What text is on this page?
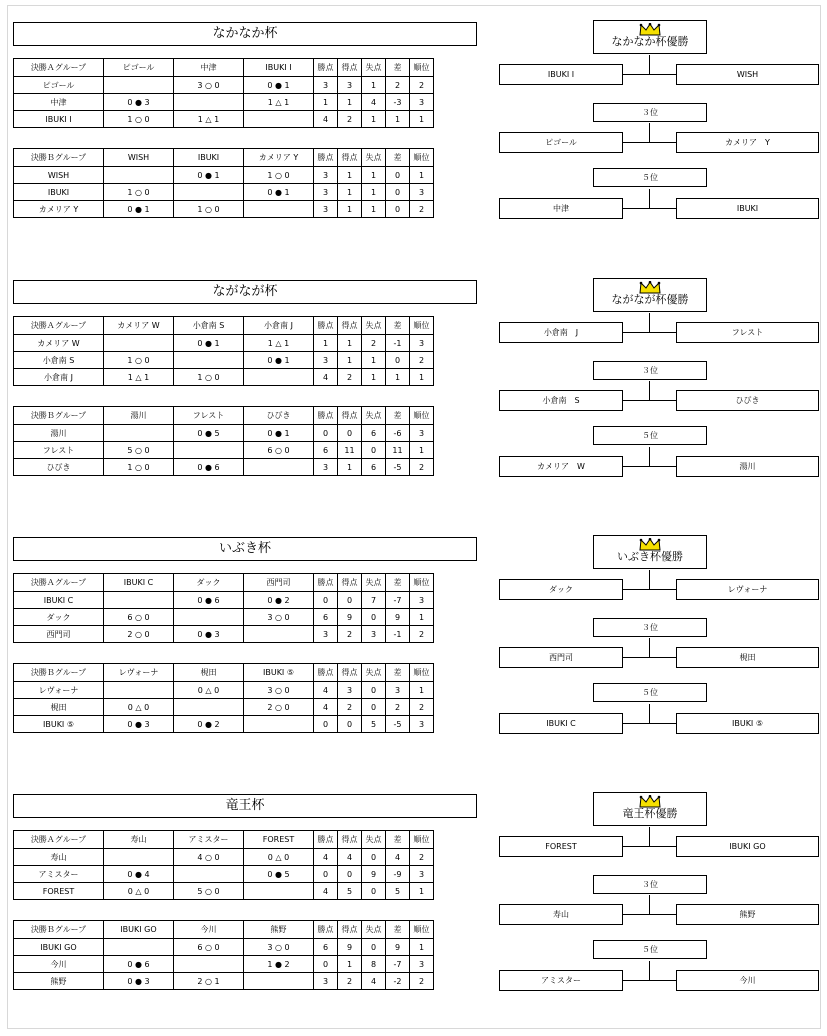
なかなか杯
決勝Ａグループ	ピゴール	中津	IBUKI I	勝点	得点	失点	差	順位
ピゴール		3 ○ 0	0 ● 1	3	3	1	2	2
中津	0 ● 3		1 △ 1	1	1	4	-3	3
IBUKI I	1 ○ 0	1 △ 1		4	2	1	1	1
決勝Ｂグループ	WISH	IBUKI	カメリア Y	勝点	得点	失点	差	順位
WISH		0 ● 1	1 ○ 0	3	1	1	0	1
IBUKI	1 ○ 0		0 ● 1	3	1	1	0	3
カメリア Y	0 ● 1	1 ○ 0		3	1	1	0	2
なかなか杯優勝
IBUKI I	WISH
３位
ピゴール	カメリア　Y
５位
中津	IBUKI
ながなが杯
決勝Ａグループ	カメリア W	小倉南 S	小倉南 J	勝点	得点	失点	差	順位
カメリア W		0 ● 1	1 △ 1	1	1	2	-1	3
小倉南 S	1 ○ 0		0 ● 1	3	1	1	0	2
小倉南 J	1 △ 1	1 ○ 0		4	2	1	1	1
決勝Ｂグループ	湯川	フレスト	ひびき	勝点	得点	失点	差	順位
湯川		0 ● 5	0 ● 1	0	0	6	-6	3
フレスト	5 ○ 0		6 ○ 0	6	11	0	11	1
ひびき	1 ○ 0	0 ● 6		3	1	6	-5	2
ながなが杯優勝
小倉南　J	フレスト
３位
小倉南　S	ひびき
５位
カメリア　W	湯川
いぶき杯
決勝Ａグループ	IBUKI C	ダック	西門司	勝点	得点	失点	差	順位
IBUKI C		0 ● 6	0 ● 2	0	0	7	-7	3
ダック	6 ○ 0		3 ○ 0	6	9	0	9	1
西門司	2 ○ 0	0 ● 3		3	2	3	-1	2
決勝Ｂグループ	レヴォーナ	梘田	IBUKI ⑤	勝点	得点	失点	差	順位
レヴォーナ		0 △ 0	3 ○ 0	4	3	0	3	1
梘田	0 △ 0		2 ○ 0	4	2	0	2	2
IBUKI ⑤	0 ● 3	0 ● 2		0	0	5	-5	3
いぶき杯優勝
ダック	レヴォーナ
３位
西門司	梘田
５位
IBUKI C	IBUKI ⑤
竜王杯
決勝Ａグループ	寿山	アミスター	FOREST	勝点	得点	失点	差	順位
寿山		4 ○ 0	0 △ 0	4	4	0	4	2
アミスター	0 ● 4		0 ● 5	0	0	9	-9	3
FOREST	0 △ 0	5 ○ 0		4	5	0	5	1
決勝Ｂグループ	IBUKI GO	今川	熊野	勝点	得点	失点	差	順位
IBUKI GO		6 ○ 0	3 ○ 0	6	9	0	9	1
今川	0 ● 6		1 ● 2	0	1	8	-7	3
熊野	0 ● 3	2 ○ 1		3	2	4	-2	2
竜王杯優勝
FOREST	IBUKI GO
３位
寿山	熊野
５位
アミスター	今川
